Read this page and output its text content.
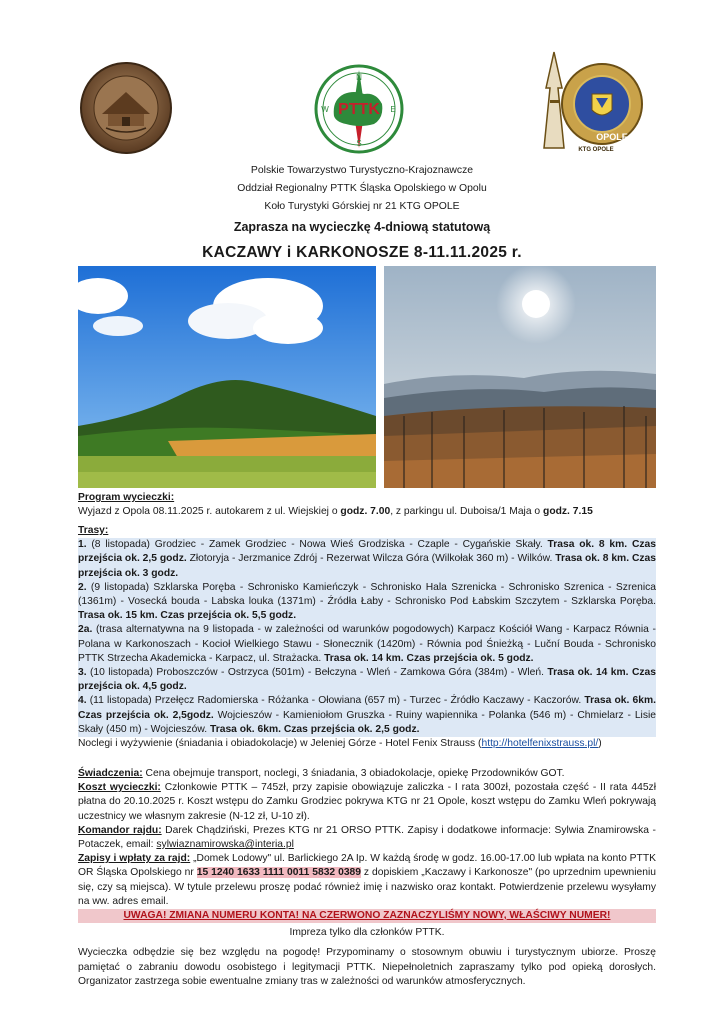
PTTK
N
E
S
W
OPOLE
KTG OPOLE
Polskie Towarzystwo Turystyczno-Krajoznawcze
Oddział Regionalny PTTK Śląska Opolskiego w Opolu
Koło Turystyki Górskiej nr 21 KTG OPOLE
Zaprasza na wycieczkę 4-dniową statutową
KACZAWY i KARKONOSZE 8-11.11.2025 r.

Program wycieczki:

Wyjazd z Opola 08.11.2025 r. autokarem z ul. Wiejskiej o godz. 7.00, z parkingu ul. Duboisa/1 Maja o godz. 7.15

Trasy:

1. (8 listopada) Grodziec - Zamek Grodziec - Nowa Wieś Grodziska - Czaple - Cygańskie Skały. Trasa ok. 8 km. Czas przejścia ok. 2,5 godz. Złotoryja - Jerzmanice Zdrój - Rezerwat Wilcza Góra (Wilkołak 360 m) - Wilków. Trasa ok. 8 km. Czas przejścia ok. 3 godz.

2. (9 listopada) Szklarska Poręba - Schronisko Kamieńczyk - Schronisko Hala Szrenicka - Schronisko Szrenica - Szrenica (1361m) - Vosecká bouda - Labska louka (1371m) - Źródła Łaby - Schronisko Pod Łabskim Szczytem - Szklarska Poręba. Trasa ok. 15 km. Czas przejścia ok. 5,5 godz.

2a. (trasa alternatywna na 9 listopada - w zależności od warunków pogodowych) Karpacz Kościół Wang - Karpacz Równia - Polana w Karkonoszach - Kocioł Wielkiego Stawu - Słonecznik (1420m) - Równia pod Śnieżką - Luční Bouda - Schronisko PTTK Strzecha Akademicka - Karpacz, ul. Strażacka. Trasa ok. 14 km. Czas przejścia ok. 5 godz.

3. (10 listopada) Proboszczów - Ostrzyca (501m) - Bełczyna - Wleń - Zamkowa Góra (384m) - Wleń. Trasa ok. 14 km. Czas przejścia ok. 4,5 godz.

4. (11 listopada) Przełęcz Radomierska - Różanka - Ołowiana (657 m) - Turzec - Źródło Kaczawy - Kaczorów. Trasa ok. 6km. Czas przejścia ok. 2,5godz. Wojcieszów - Kamieniołom Gruszka - Ruiny wapiennika - Polanka (546 m) - Chmielarz - Lisie Skały (450 m) - Wojcieszów. Trasa ok. 6km. Czas przejścia ok. 2,5 godz.

Noclegi i wyżywienie (śniadania i obiadokolacje) w Jeleniej Górze - Hotel Fenix Strauss (http://hotelfenixstrauss.pl/)

Świadczenia: Cena obejmuje transport, noclegi, 3 śniadania, 3 obiadokolacje, opiekę Przodowników GOT.

Koszt wycieczki: Członkowie PTTK – 745zł, przy zapisie obowiązuje zaliczka - I rata 300zł, pozostała część - II rata 445zł płatna do 20.10.2025 r. Koszt wstępu do Zamku Grodziec pokrywa KTG nr 21 Opole, koszt wstępu do Zamku Wleń pokrywają uczestnicy we własnym zakresie (N-12 zł, U-10 zł).

Komandor rajdu: Darek Chądziński, Prezes KTG nr 21 ORSO PTTK. Zapisy i dodatkowe informacje: Sylwia Znamirowska -Potaczek, email: sylwiaznamirowska@interia.pl

Zapisy i wpłaty za rajd: „Domek Lodowy" ul. Barlickiego 2A Ip. W każdą środę w godz. 16.00-17.00 lub wpłata na konto PTTK OR Śląska Opolskiego nr 15 1240 1633 1111 0011 5832 0389 z dopiskiem „Kaczawy i Karkonosze" (po uprzednim upewnieniu się, czy są miejsca). W tytule przelewu proszę podać również imię i nazwisko oraz kontakt. Potwierdzenie przelewu wysyłamy na ww. adres email.

UWAGA! ZMIANA NUMERU KONTA! NA CZERWONO ZAZNACZYLIŚMY NOWY, WŁAŚCIWY NUMER!

Impreza tylko dla członków PTTK.

Wycieczka odbędzie się bez względu na pogodę! Przypominamy o stosownym obuwiu i turystycznym ubiorze. Proszę pamiętać o zabraniu dowodu osobistego i legitymacji PTTK. Niepełnoletnich zapraszamy tylko pod opieką dorosłych. Organizator zastrzega sobie ewentualne zmiany tras w zależności od warunków atmosferycznych.
